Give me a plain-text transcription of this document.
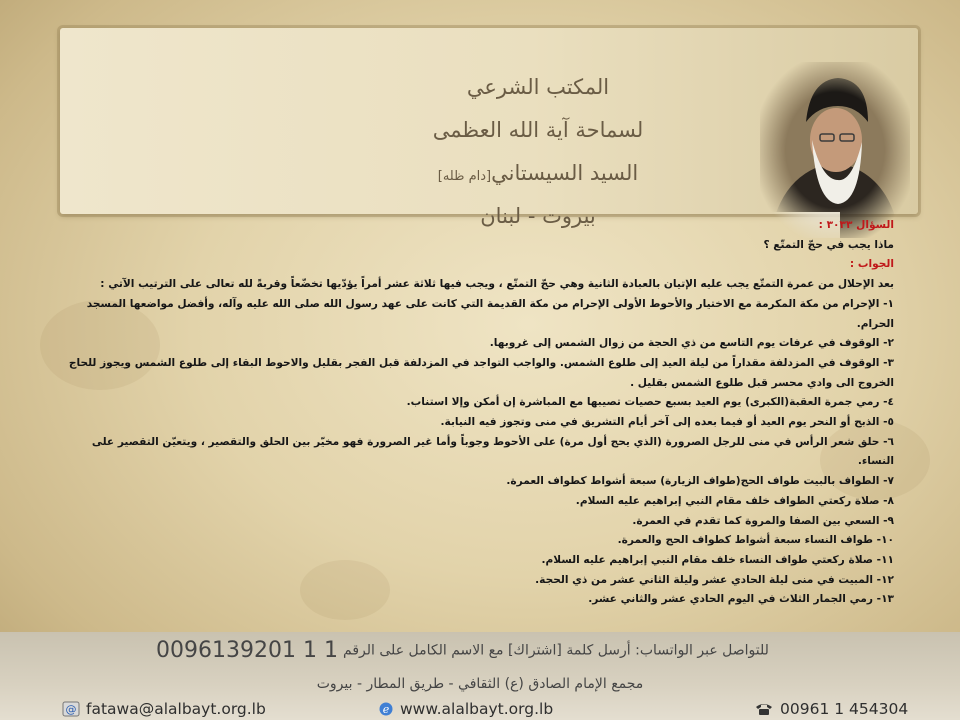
المكتب الشرعي
لسماحة آية الله العظمى
السيد السيستاني[دام ظله]
بيروت - لبنان	السؤال ٣٠٣٣ :

ماذا يجب في حجّ التمتّع ؟

الجواب :

بعد الإحلال من عمرة التمتّع يجب عليه الإتيان بالعبادة الثانية وهي حجّ التمتّع ، ويجب فيها ثلاثة عشر أمراً يؤدّيها تخضّعاً وقربةً لله تعالى على الترتيب الآتي :

١- الإحرام من مكة المكرمة مع الاختيار والأحوط الأولى الإحرام من مكة القديمة التي كانت على عهد رسول الله صلى الله عليه وآله، وأفضل مواضعها المسجد الحرام.

٢- الوقوف في عرفات يوم التاسع من ذي الحجة من زوال الشمس إلى غروبها.

٣- الوقوف في المزدلفة مقداراً من ليلة العيد إلى طلوع الشمس. والواجب التواجد في المزدلفة قبل الفجر بقليل والاحوط البقاء إلى طلوع الشمس ويجوز للحاج الخروج الى وادي محسر قبل طلوع الشمس بقليل .

٤- رمي جمرة العقبة(الكبرى) يوم العيد بسبع حصيات تصيبها مع المباشرة إن أمكن وإلا استناب.

٥- الذبح أو النحر يوم العيد أو فيما بعده إلى آخر أيام التشريق في منى وتجوز فيه النيابة.

٦- حلق شعر الرأس في منى للرجل الصرورة (الذي يحج أول مرة) على الأحوط وجوباً وأما غير الصرورة فهو مخيّر بين الحلق والتقصير ، ويتعيّن التقصير على النساء.

٧- الطواف بالبيت طواف الحج(طواف الزيارة) سبعة أشواط كطواف العمرة.

٨- صلاة ركعتي الطواف خلف مقام النبي إبراهيم عليه السلام.

٩- السعي بين الصفا والمروة كما تقدم في العمرة.

١٠- طواف النساء سبعة أشواط كطواف الحج والعمرة.

١١- صلاة ركعتي طواف النساء خلف مقام النبي إبراهيم عليه السلام.

١٢- المبيت في منى ليلة الحادي عشر وليلة الثاني عشر من ذي الحجة.

١٣- رمي الجمار الثلاث في اليوم الحادي عشر والثاني عشر.

للتواصل عبر الواتساب: أرسل كلمة [اشتراك] مع الاسم الكامل على الرقم 0096139201 1 1
مجمع الإمام الصادق (ع) الثقافي - طريق المطار - بيروت
@ fatawa@alalbayt.org.lb	e www.alalbayt.org.lb	00961 1 454304
